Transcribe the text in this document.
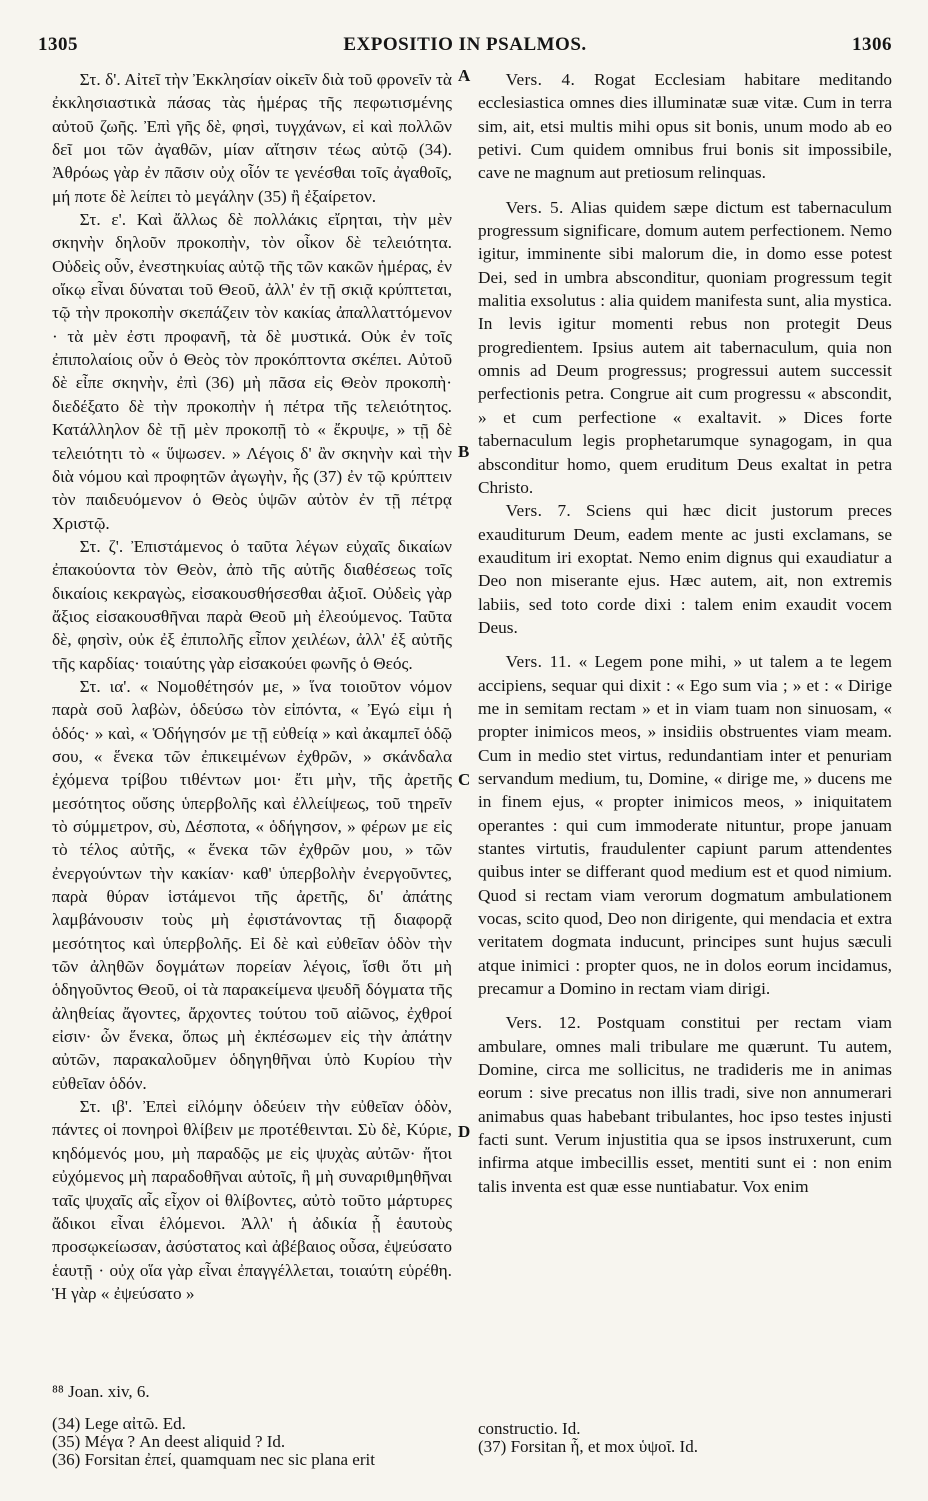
1305	EXPOSITIO IN PSALMOS.	1306

Στ. δ'. Αἰτεῖ τὴν Ἐκκλησίαν οἰκεῖν διὰ τοῦ φρονεῖν τὰ ἐκκλησιαστικὰ πάσας τὰς ἡμέρας τῆς πεφωτισμένης αὐτοῦ ζωῆς. Ἐπὶ γῆς δὲ, φησὶ, τυγχάνων, εἰ καὶ πολλῶν δεῖ μοι τῶν ἀγαθῶν, μίαν αἴτησιν τέως αὐτῷ (34). Ἀθρόως γὰρ ἐν πᾶσιν οὐχ οἷόν τε γενέσθαι τοῖς ἀγαθοῖς, μή ποτε δὲ λείπει τὸ μεγάλην (35) ἢ ἐξαίρετον.

Στ. ε'. Καὶ ἄλλως δὲ πολλάκις εἴρηται, τὴν μὲν σκηνὴν δηλοῦν προκοπὴν, τὸν οἶκον δὲ τελειότητα. Οὐδεὶς οὖν, ἐνεστηκυίας αὐτῷ τῆς τῶν κακῶν ἡμέρας, ἐν οἴκῳ εἶναι δύναται τοῦ Θεοῦ, ἀλλ' ἐν τῇ σκιᾷ κρύπτεται, τῷ τὴν προκοπὴν σκεπάζειν τὸν κακίας ἀπαλλαττόμενον · τὰ μὲν ἐστι προφανῆ, τὰ δὲ μυστικά. Οὐκ ἐν τοῖς ἐπιπολαίοις οὖν ὁ Θεὸς τὸν προκόπτοντα σκέπει. Αὐτοῦ δὲ εἶπε σκηνὴν, ἐπὶ (36) μὴ πᾶσα εἰς Θεὸν προκοπὴ· διεδέξατο δὲ τὴν προκοπὴν ἡ πέτρα τῆς τελειότητος. Κατάλληλον δὲ τῇ μὲν προκοπῇ τὸ « ἔκρυψε, » τῇ δὲ τελειότητι τὸ « ὕψωσεν. » Λέγοις δ' ἂν σκηνὴν καὶ τὴν διὰ νόμου καὶ προφητῶν ἀγωγὴν, ἧς (37) ἐν τῷ κρύπτειν τὸν παιδευόμενον ὁ Θεὸς ὑψῶν αὐτὸν ἐν τῇ πέτρᾳ Χριστῷ.

Στ. ζ'. Ἐπιστάμενος ὁ ταῦτα λέγων εὐχαῖς δικαίων ἐπακούοντα τὸν Θεὸν, ἀπὸ τῆς αὐτῆς διαθέσεως τοῖς δικαίοις κεκραγὼς, εἰσακουσθήσεσθαι ἀξιοῖ. Οὐδεὶς γὰρ ἄξιος εἰσακουσθῆναι παρὰ Θεοῦ μὴ ἐλεούμενος. Ταῦτα δὲ, φησὶν, οὐκ ἐξ ἐπιπολῆς εἶπον χειλέων, ἀλλ' ἐξ αὐτῆς τῆς καρδίας· τοιαύτης γὰρ εἰσακούει φωνῆς ὁ Θεός.

Στ. ια'. « Νομοθέτησόν με, » ἵνα τοιοῦτον νόμον παρὰ σοῦ λαβὼν, ὁδεύσω τὸν εἰπόντα, « Ἐγώ εἰμι ἡ ὁδός· » καὶ, « Ὁδήγησόν με τῇ εὐθείᾳ » καὶ ἀκαμπεῖ ὁδῷ σου, « ἕνεκα τῶν ἐπικειμένων ἐχθρῶν, » σκάνδαλα ἐχόμενα τρίβου τιθέντων μοι· ἔτι μὴν, τῆς ἀρετῆς μεσότητος οὔσης ὑπερβολῆς καὶ ἐλλείψεως, τοῦ τηρεῖν τὸ σύμμετρον, σὺ, Δέσποτα, « ὁδήγησον, » φέρων με εἰς τὸ τέλος αὐτῆς, « ἕνεκα τῶν ἐχθρῶν μου, » τῶν ἐνεργούντων τὴν κακίαν· καθ' ὑπερβολὴν ἐνεργοῦντες, παρὰ θύραν ἱστάμενοι τῆς ἀρετῆς, δι' ἀπάτης λαμβάνουσιν τοὺς μὴ ἐφιστάνοντας τῇ διαφορᾷ μεσότητος καὶ ὑπερβολῆς. Εἰ δὲ καὶ εὐθεῖαν ὁδὸν τὴν τῶν ἀληθῶν δογμάτων πορείαν λέγοις, ἴσθι ὅτι μὴ ὁδηγοῦντος Θεοῦ, οἱ τὰ παρακείμενα ψευδῆ δόγματα τῆς ἀληθείας ἄγοντες, ἄρχοντες τούτου τοῦ αἰῶνος, ἐχθροί εἰσιν· ὧν ἕνεκα, ὅπως μὴ ἐκπέσωμεν εἰς τὴν ἀπάτην αὐτῶν, παρακαλοῦμεν ὁδηγηθῆναι ὑπὸ Κυρίου τὴν εὐθεῖαν ὁδόν.

Στ. ιβ'. Ἐπεὶ εἰλόμην ὁδεύειν τὴν εὐθεῖαν ὁδὸν, πάντες οἱ πονηροὶ θλίβειν με προτέθεινται. Σὺ δὲ, Κύριε, κηδόμενός μου, μὴ παραδῷς με εἰς ψυχὰς αὐτῶν· ἤτοι εὐχόμενος μὴ παραδοθῆναι αὐτοῖς, ἢ μὴ συναριθμηθῆναι ταῖς ψυχαῖς αἷς εἶχον οἱ θλίβοντες, αὐτὸ τοῦτο μάρτυρες ἄδικοι εἶναι ἑλόμενοι. Ἀλλ' ἡ ἀδικία ᾗ ἑαυτοὺς προσῳκείωσαν, ἀσύστατος καὶ ἀβέβαιος οὖσα, ἐψεύσατο ἑαυτῇ · οὐχ οἵα γὰρ εἶναι ἐπαγγέλλεται, τοιαύτη εὑρέθη. Ἡ γὰρ « ἐψεύσατο »

A
B
C
D

Vers. 4. Rogat Ecclesiam habitare meditando ecclesiastica omnes dies illuminatæ suæ vitæ. Cum in terra sim, ait, etsi multis mihi opus sit bonis, unum modo ab eo petivi. Cum quidem omnibus frui bonis sit impossibile, cave ne magnum aut pretiosum relinquas.

Vers. 5. Alias quidem sæpe dictum est tabernaculum progressum significare, domum autem perfectionem. Nemo igitur, imminente sibi malorum die, in domo esse potest Dei, sed in umbra absconditur, quoniam progressum tegit malitia exsolutus : alia quidem manifesta sunt, alia mystica. In levis igitur momenti rebus non protegit Deus progredientem. Ipsius autem ait tabernaculum, quia non omnis ad Deum progressus; progressui autem successit perfectionis petra. Congrue ait cum progressu « abscondit, » et cum perfectione « exaltavit. » Dices forte tabernaculum legis prophetarumque synagogam, in qua absconditur homo, quem eruditum Deus exaltat in petra Christo.

Vers. 7. Sciens qui hæc dicit justorum preces exauditurum Deum, eadem mente ac justi exclamans, se exauditum iri exoptat. Nemo enim dignus qui exaudiatur a Deo non miserante ejus. Hæc autem, ait, non extremis labiis, sed toto corde dixi : talem enim exaudit vocem Deus.

Vers. 11. « Legem pone mihi, » ut talem a te legem accipiens, sequar qui dixit : « Ego sum via ; » et : « Dirige me in semitam rectam » et in viam tuam non sinuosam, « propter inimicos meos, » insidiis obstruentes viam meam. Cum in medio stet virtus, redundantiam inter et penuriam servandum medium, tu, Domine, « dirige me, » ducens me in finem ejus, « propter inimicos meos, » iniquitatem operantes : qui cum immoderate nituntur, prope januam stantes virtutis, fraudulenter capiunt parum attendentes quibus inter se differant quod medium est et quod nimium. Quod si rectam viam verorum dogmatum ambulationem vocas, scito quod, Deo non dirigente, qui mendacia et extra veritatem dogmata inducunt, principes sunt hujus sæculi atque inimici : propter quos, ne in dolos eorum incidamus, precamur a Domino in rectam viam dirigi.

Vers. 12. Postquam constitui per rectam viam ambulare, omnes mali tribulare me quærunt. Tu autem, Domine, circa me sollicitus, ne tradideris me in animas eorum : sive precatus non illis tradi, sive non annumerari animabus quas habebant tribulantes, hoc ipso testes injusti facti sunt. Verum injustitia qua se ipsos instruxerunt, cum infirma atque imbecillis esset, mentiti sunt ei : non enim talis inventa est quæ esse nuntiabatur. Vox enim

⁸⁸ Joan. xiv, 6.
(34) Lege αἰτῶ. Ed.
(35) Μέγα ? An deest aliquid ? Id.
(36) Forsitan ἐπεί, quamquam nec sic plana erit
constructio. Id.
(37) Forsitan ἧ, et mox ὑψοῖ. Id.
